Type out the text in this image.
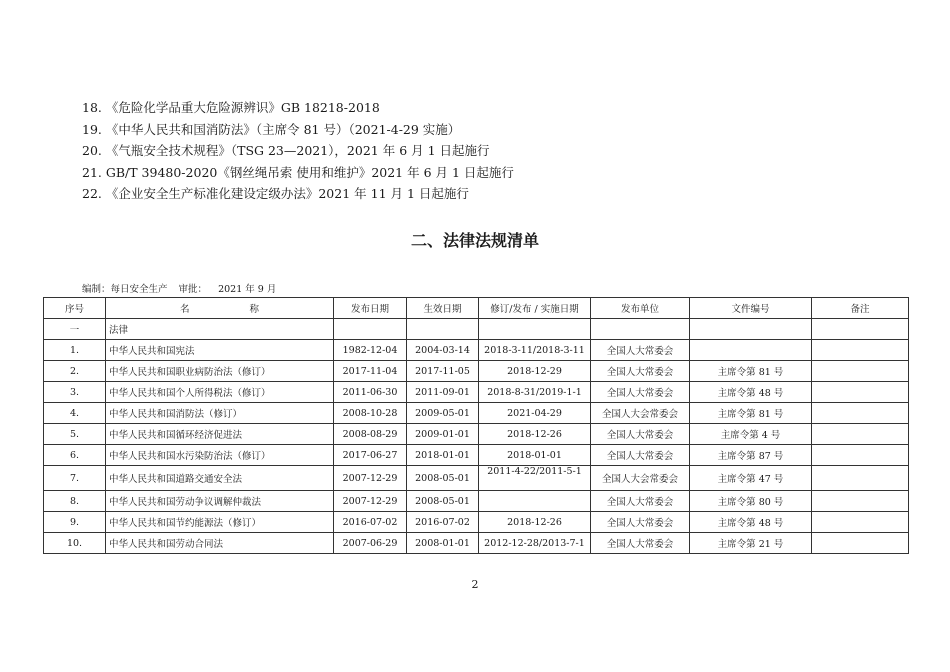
18. 《危险化学品重大危险源辨识》GB 18218-2018
19. 《中华人民共和国消防法》（主席令 81 号）（2021-4-29 实施）
20. 《气瓶安全技术规程》（TSG 23—2021），2021 年 6 月 1 日起施行
21. GB/T 39480-2020《钢丝绳吊索 使用和维护》2021 年 6 月 1 日起施行
22. 《企业安全生产标准化建设定级办法》2021 年 11 月 1 日起施行
二、法律法规清单
编制：每日安全生产 审批： 2021 年 9 月
序号	名 称	发布日期	生效日期	修订/发布 / 实施日期	发布单位	文件编号	备注
一	法律						
1.	中华人民共和国宪法	1982-12-04	2004-03-14	2018-3-11/2018-3-11	全国人大常委会		
2.	中华人民共和国职业病防治法（修订）	2017-11-04	2017-11-05	2018-12-29	全国人大常委会	主席令第 81 号	
3.	中华人民共和国个人所得税法（修订）	2011-06-30	2011-09-01	2018-8-31/2019-1-1	全国人大常委会	主席令第 48 号	
4.	中华人民共和国消防法（修订）	2008-10-28	2009-05-01	2021-04-29	全国人大会常委会	主席令第 81 号	
5.	中华人民共和国循环经济促进法	2008-08-29	2009-01-01	2018-12-26	全国人大常委会	主席令第 4 号	
6.	中华人民共和国水污染防治法（修订）	2017-06-27	2018-01-01	2018-01-01	全国人大常委会	主席令第 87 号	
7.	中华人民共和国道路交通安全法	2007-12-29	2008-05-01	2011-4-22/2011-5-1	全国人大会常委会	主席令第 47 号	
8.	中华人民共和国劳动争议调解仲裁法	2007-12-29	2008-05-01		全国人大常委会	主席令第 80 号	
9.	中华人民共和国节约能源法（修订）	2016-07-02	2016-07-02	2018-12-26	全国人大常委会	主席令第 48 号	
10.	中华人民共和国劳动合同法	2007-06-29	2008-01-01	2012-12-28/2013-7-1	全国人大常委会	主席令第 21 号	
2
